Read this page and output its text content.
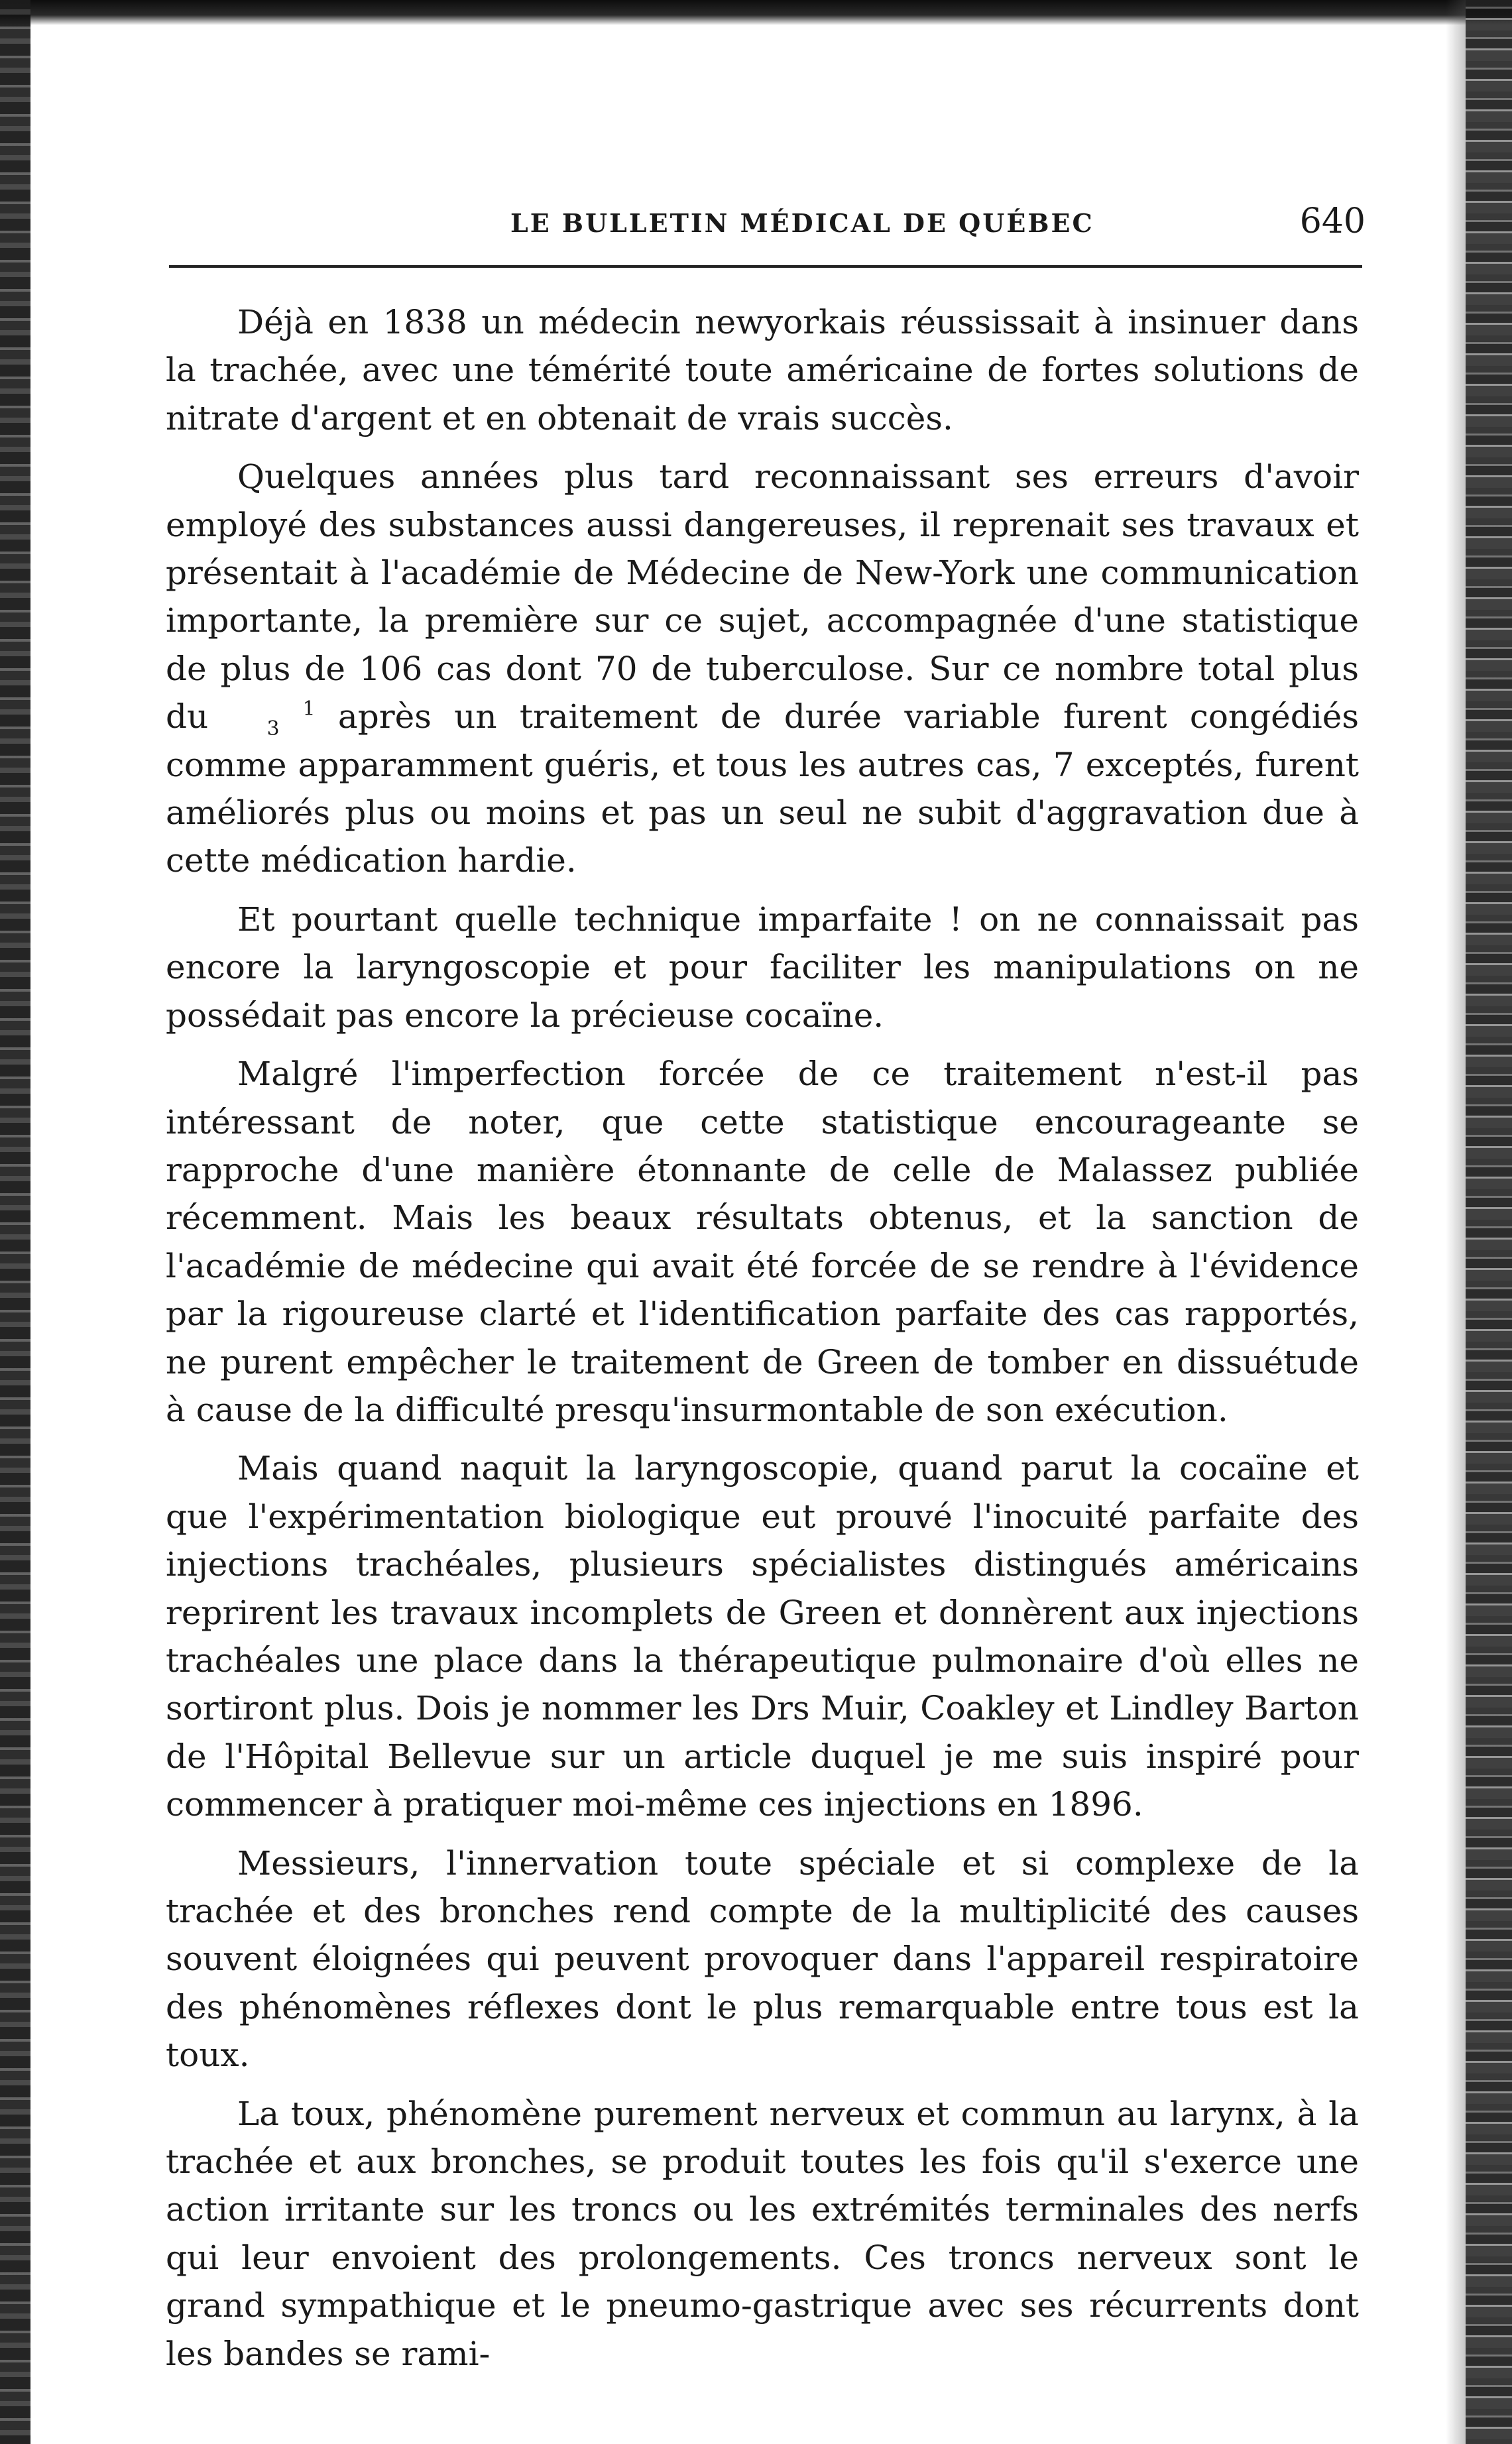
LE BULLETIN MÉDICAL DE QUÉBEC	640

Déjà en 1838 un médecin newyorkais réussissait à insinuer dans la trachée, avec une témérité toute américaine de fortes solutions de nitrate d'argent et en obtenait de vrais succès.

Quelques années plus tard reconnaissant ses erreurs d'avoir employé des substances aussi dangereuses, il reprenait ses travaux et présentait à l'académie de Médecine de New-York une communication importante, la première sur ce sujet, accompagnée d'une statistique de plus de 106 cas dont 70 de tuberculose. Sur ce nombre total plus du	1
3 après un traitement de durée variable furent congédiés comme apparamment guéris, et tous les autres cas, 7 exceptés, furent améliorés plus ou moins et pas un seul ne subit d'aggravation due à cette médication hardie.

Et pourtant quelle technique imparfaite ! on ne connaissait pas encore la laryngoscopie et pour faciliter les manipulations on ne possédait pas encore la précieuse cocaïne.

Malgré l'imperfection forcée de ce traitement n'est-il pas intéressant de noter, que cette statistique encourageante se rapproche d'une manière étonnante de celle de Malassez publiée récemment. Mais les beaux résultats obtenus, et la sanction de l'académie de médecine qui avait été forcée de se rendre à l'évidence par la rigoureuse clarté et l'identification parfaite des cas rapportés, ne purent empêcher le traitement de Green de tomber en dissuétude à cause de la difficulté presqu'insurmontable de son exécution.

Mais quand naquit la laryngoscopie, quand parut la cocaïne et que l'expérimentation biologique eut prouvé l'inocuité parfaite des injections trachéales, plusieurs spécialistes distingués américains reprirent les travaux incomplets de Green et donnèrent aux injections trachéales une place dans la thérapeutique pulmonaire d'où elles ne sortiront plus. Dois je nommer les Drs Muir, Coakley et Lindley Barton de l'Hôpital Bellevue sur un article duquel je me suis inspiré pour commencer à pratiquer moi-même ces injections en 1896.

Messieurs, l'innervation toute spéciale et si complexe de la trachée et des bronches rend compte de la multiplicité des causes souvent éloignées qui peuvent provoquer dans l'appareil respiratoire des phénomènes réflexes dont le plus remarquable entre tous est la toux.

La toux, phénomène purement nerveux et commun au larynx, à la trachée et aux bronches, se produit toutes les fois qu'il s'exerce une action irritante sur les troncs ou les extrémités terminales des nerfs qui leur envoient des prolongements. Ces troncs nerveux sont le grand sympathique et le pneumo-gastrique avec ses récurrents dont les bandes se rami-
